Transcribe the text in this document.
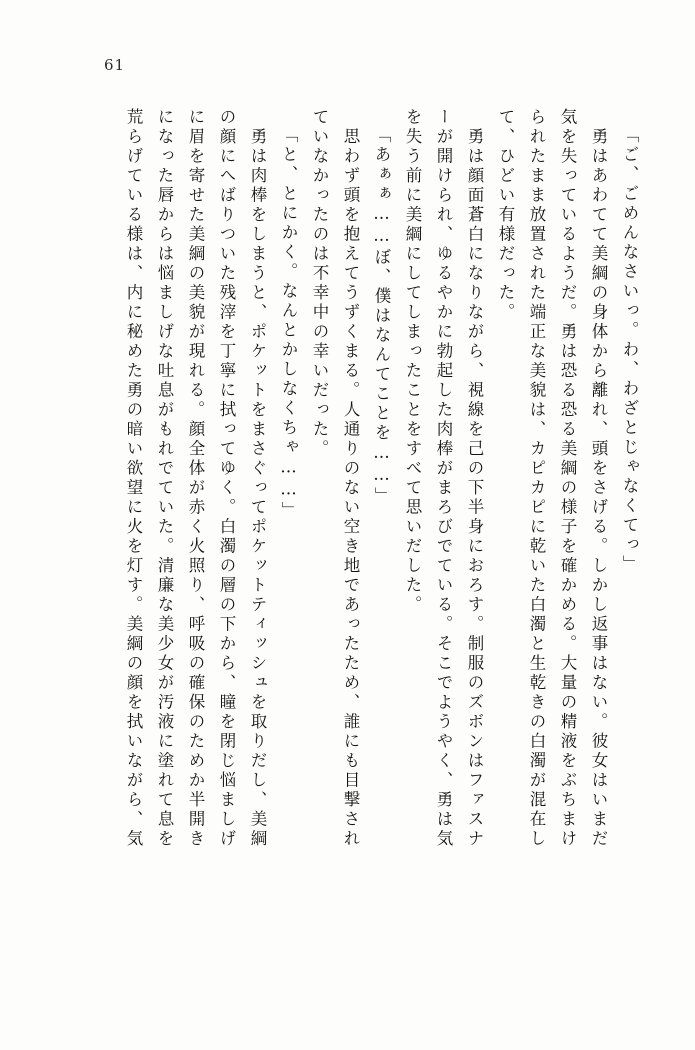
61
「ご、ごめんなさいっ。わ、わざとじゃなくてっ」
　勇はあわてて美綱の身体から離れ、頭をさげる。しかし返事はない。彼女はいまだ
気を失っているようだ。勇は恐る恐る美綱の様子を確かめる。大量の精液をぶちまけ
られたまま放置された端正な美貌は、カピカピに乾いた白濁と生乾きの白濁が混在し
て、ひどい有様だった。
　勇は顔面蒼白になりながら、視線を己の下半身におろす。制服のズボンはファスナ
ーが開けられ、ゆるやかに勃起した肉棒がまろびでている。そこでようやく、勇は気
を失う前に美綱にしてしまったことをすべて思いだした。
「あぁぁ……ぼ、僕はなんてことを……」
　思わず頭を抱えてうずくまる。人通りのない空き地であったため、誰にも目撃され
ていなかったのは不幸中の幸いだった。
「と、とにかく。なんとかしなくちゃ……」
　勇は肉棒をしまうと、ポケットをまさぐってポケットティッシュを取りだし、美綱
の顔にへばりついた残滓を丁寧に拭ってゆく。白濁の層の下から、瞳を閉じ悩ましげ
に眉を寄せた美綱の美貌が現れる。顔全体が赤く火照り、呼吸の確保のためか半開き
になった唇からは悩ましげな吐息がもれでていた。清廉な美少女が汚液に塗れて息を
荒らげている様は、内に秘めた勇の暗い欲望に火を灯す。美綱の顔を拭いながら、気
